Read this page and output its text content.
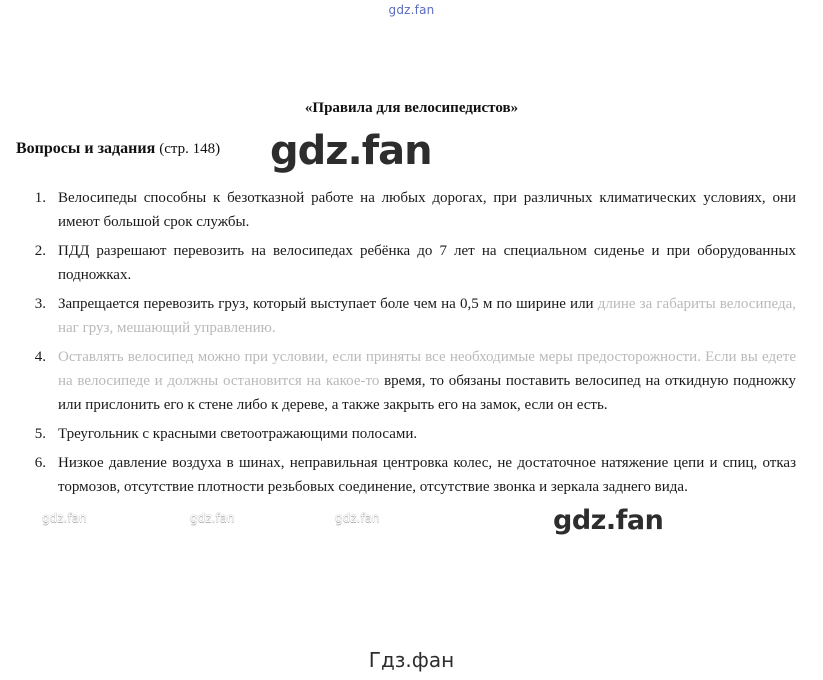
gdz.fan
«Правила для велосипедистов»
Вопросы и задания (стр. 148) gdz.fan
1. Велосипеды способны к безотказной работе на любых дорогах, при различных климатических условиях, они имеют большой срок службы.
2. ПДД разрешают перевозить на велосипедах ребёнка до 7 лет на специальном сиденье и при оборудованных подножках.
3. Запрещается перевозить груз, который выступает боле чем на 0,5 м по ширине или длине за габариты велосипеда, наг груз, мешающий управлению.
4. Оставлять велосипед можно при условии, если приняты все необходимые меры предосторожности. Если вы едете на велосипеде и должны остановится на какое-то время, то обязаны поставить велосипед на откидную подножку или прислонить его к стене либо к дереве, а также закрыть его на замок, если он есть.
5. Треугольник с красными светоотражающими полосами.
6. Низкое давление воздуха в шинах, неправильная центровка колес, не достаточное натяжение цепи и спиц, отказ тормозов, отсутствие плотности резьбовых соединение, отсутствие звонка и зеркала заднего вида.
gdz.fan	gdz.fan	gdz.fan	gdz.fan
Гдз.фан
